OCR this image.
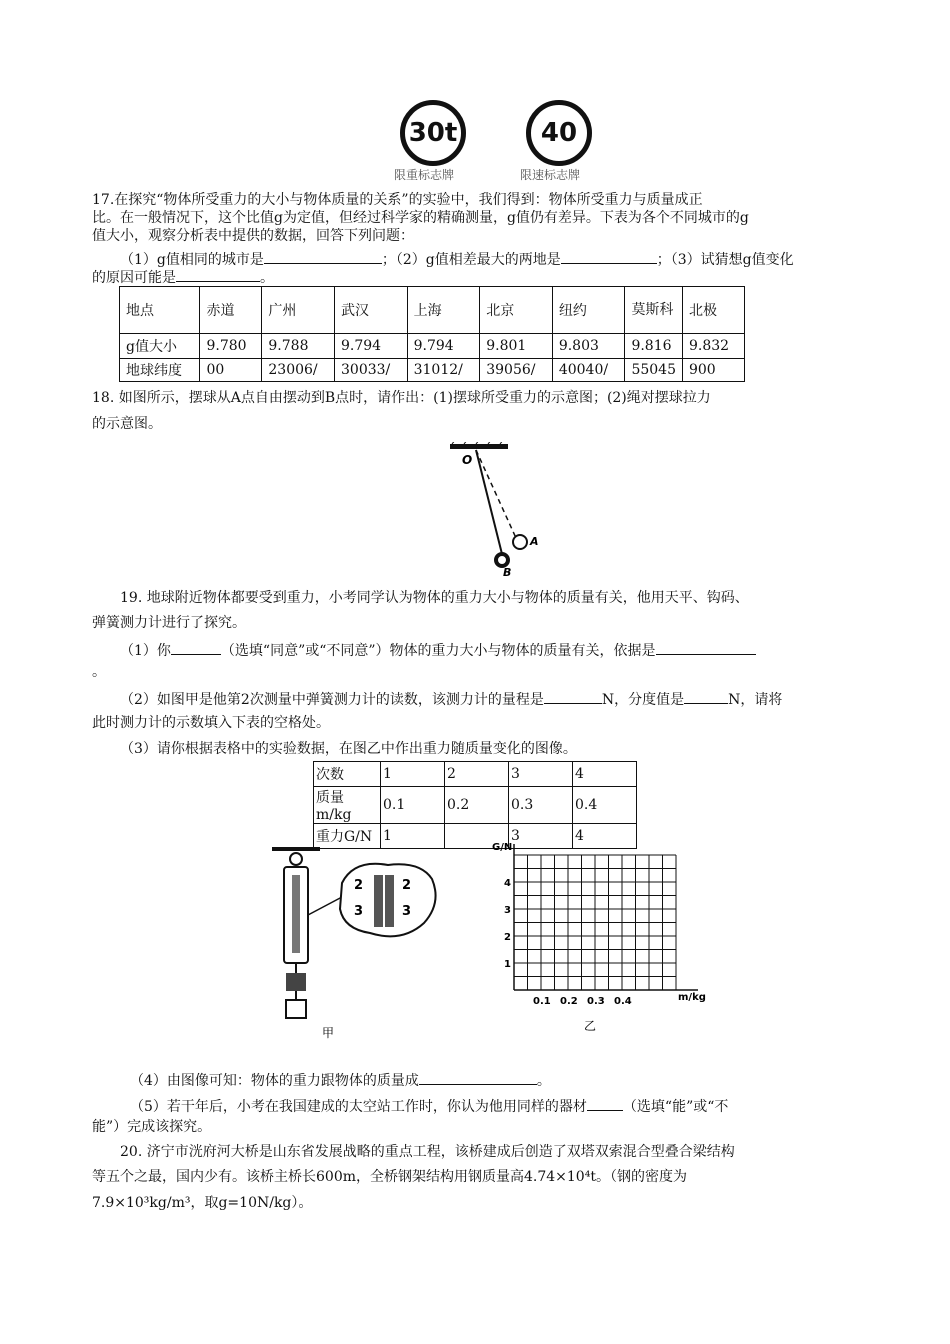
30t
限重标志牌
40
限速标志牌
17.在探究“物体所受重力的大小与物体质量的关系”的实验中，我们得到：物体所受重力与质量成正
比。在一般情况下，这个比值g为定值，但经过科学家的精确测量，g值仍有差异。下表为各个不同城市的g
值大小，观察分析表中提供的数据，回答下列问题：
（1）g值相同的城市是	；（2）g值相差最大的两地是	；（3）试猜想g值变化
的原因可能是	。
地点	赤道	广州	武汉	上海	北京	纽约	莫斯科	北极
g值大小	9.780	9.788	9.794	9.794	9.801	9.803	9.816	9.832
地球纬度	00	23006/	30033/	31012/	39056/	40040/	55045	900
18. 如图所示，摆球从A点自由摆动到B点时，请作出：(1)摆球所受重力的示意图；(2)绳对摆球拉力
的示意图。
O
A
B
19. 地球附近物体都要受到重力，小考同学认为物体的重力大小与物体的质量有关，他用天平、钩码、
弹簧测力计进行了探究。
（1）你	（选填“同意”或“不同意”）物体的重力大小与物体的质量有关，依据是
。
（2）如图甲是他第2次测量中弹簧测力计的读数，该测力计的量程是	N，分度值是	N，请将
此时测力计的示数填入下表的空格处。
（3）请你根据表格中的实验数据，在图乙中作出重力随质量变化的图像。
次数	1	2	3	4
质量m/kg	0.1	0.2	0.3	0.4
重力G/N	1		3	4
2
3
2
3
甲
G/N
m/kg
乙
1
2
3
4
0.1 0.2 0.3 0.4
（4）由图像可知：物体的重力跟物体的质量成	。
（5）若干年后，小考在我国建成的太空站工作时，你认为他用同样的器材	（选填“能”或“不
能”）完成该探究。
20. 济宁市洸府河大桥是山东省发展战略的重点工程，该桥建成后创造了双塔双索混合型叠合梁结构
等五个之最，国内少有。该桥主桥长600m，全桥钢架结构用钢质量高4.74×10⁴t。（钢的密度为
7.9×10³kg/m³，取g=10N/kg）。
